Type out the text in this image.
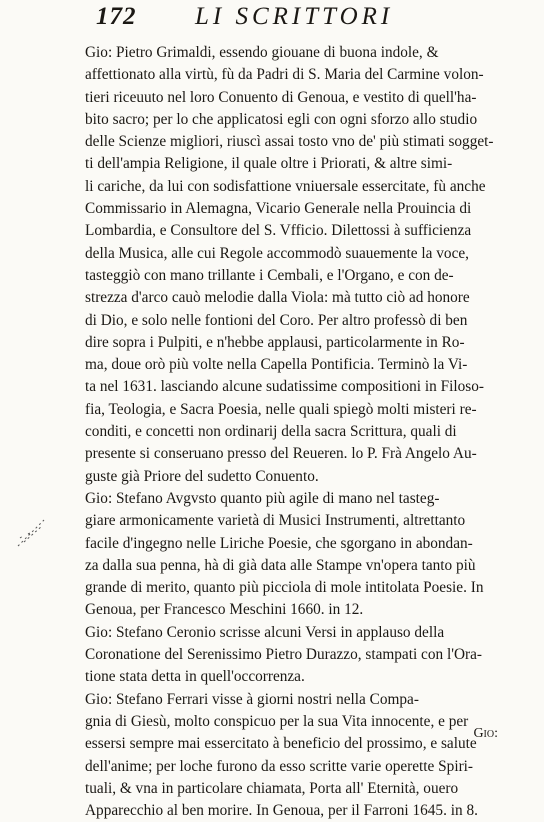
172 LI SCRITTORI

Gio: Pietro Grimaldi, essendo giouane di buona indole, &
affettionato alla virtù, fù da Padri di S. Maria del Carmine volon-
tieri riceuuto nel loro Conuento di Genoua, e vestito di quell'ha-
bito sacro; per lo che applicatosi egli con ogni sforzo allo studio
delle Scienze migliori, riuscì assai tosto vno de' più stimati sogget-
ti dell'ampia Religione, il quale oltre i Priorati, & altre simi-
li cariche, da lui con sodisfattione vniuersale essercitate, fù anche
Commissario in Alemagna, Vicario Generale nella Prouincia di
Lombardia, e Consultore del S. Vfficio. Dilettossi à sufficienza
della Musica, alle cui Regole accommodò suauemente la voce,
tasteggiò con mano trillante i Cembali, e l'Organo, e con de-
strezza d'arco cauò melodie dalla Viola: mà tutto ciò ad honore
di Dio, e solo nelle fontioni del Coro. Per altro professò di ben
dire sopra i Pulpiti, e n'hebbe applausi, particolarmente in Ro-
ma, doue orò più volte nella Capella Pontificia. Terminò la Vi-
ta nel 1631. lasciando alcune sudatissime compositioni in Filoso-
fia, Teologia, e Sacra Poesia, nelle quali spiegò molti misteri re-
conditi, e concetti non ordinarij della sacra Scrittura, quali di
presente si conseruano presso del Reueren. lo P. Frà Angelo Au-
guste già Priore del sudetto Conuento.

Gio: Stefano Avgvsto quanto più agile di mano nel tasteg-
giare armonicamente varietà di Musici Instrumenti, altrettanto
facile d'ingegno nelle Liriche Poesie, che sgorgano in abondan-
za dalla sua penna, hà di già data alle Stampe vn'opera tanto più
grande di merito, quanto più picciola di mole intitolata Poesie. In
Genoua, per Francesco Meschini 1660. in 12.

Gio: Stefano Ceronio scrisse alcuni Versi in applauso della
Coronatione del Serenissimo Pietro Durazzo, stampati con l'Ora-
tione stata detta in quell'occorrenza.

Gio: Stefano Ferrari visse à giorni nostri nella Compa-
gnia di Giesù, molto conspicuo per la sua Vita innocente, e per
essersi sempre mai essercitato à beneficio del prossimo, e salute
dell'anime; per loche furono da esso scritte varie operette Spiri-
tuali, & vna in particolare chiamata, Porta all' Eternità, ouero
Apparecchio al ben morire. In Genoua, per il Farroni 1645. in 8.

Gio:
